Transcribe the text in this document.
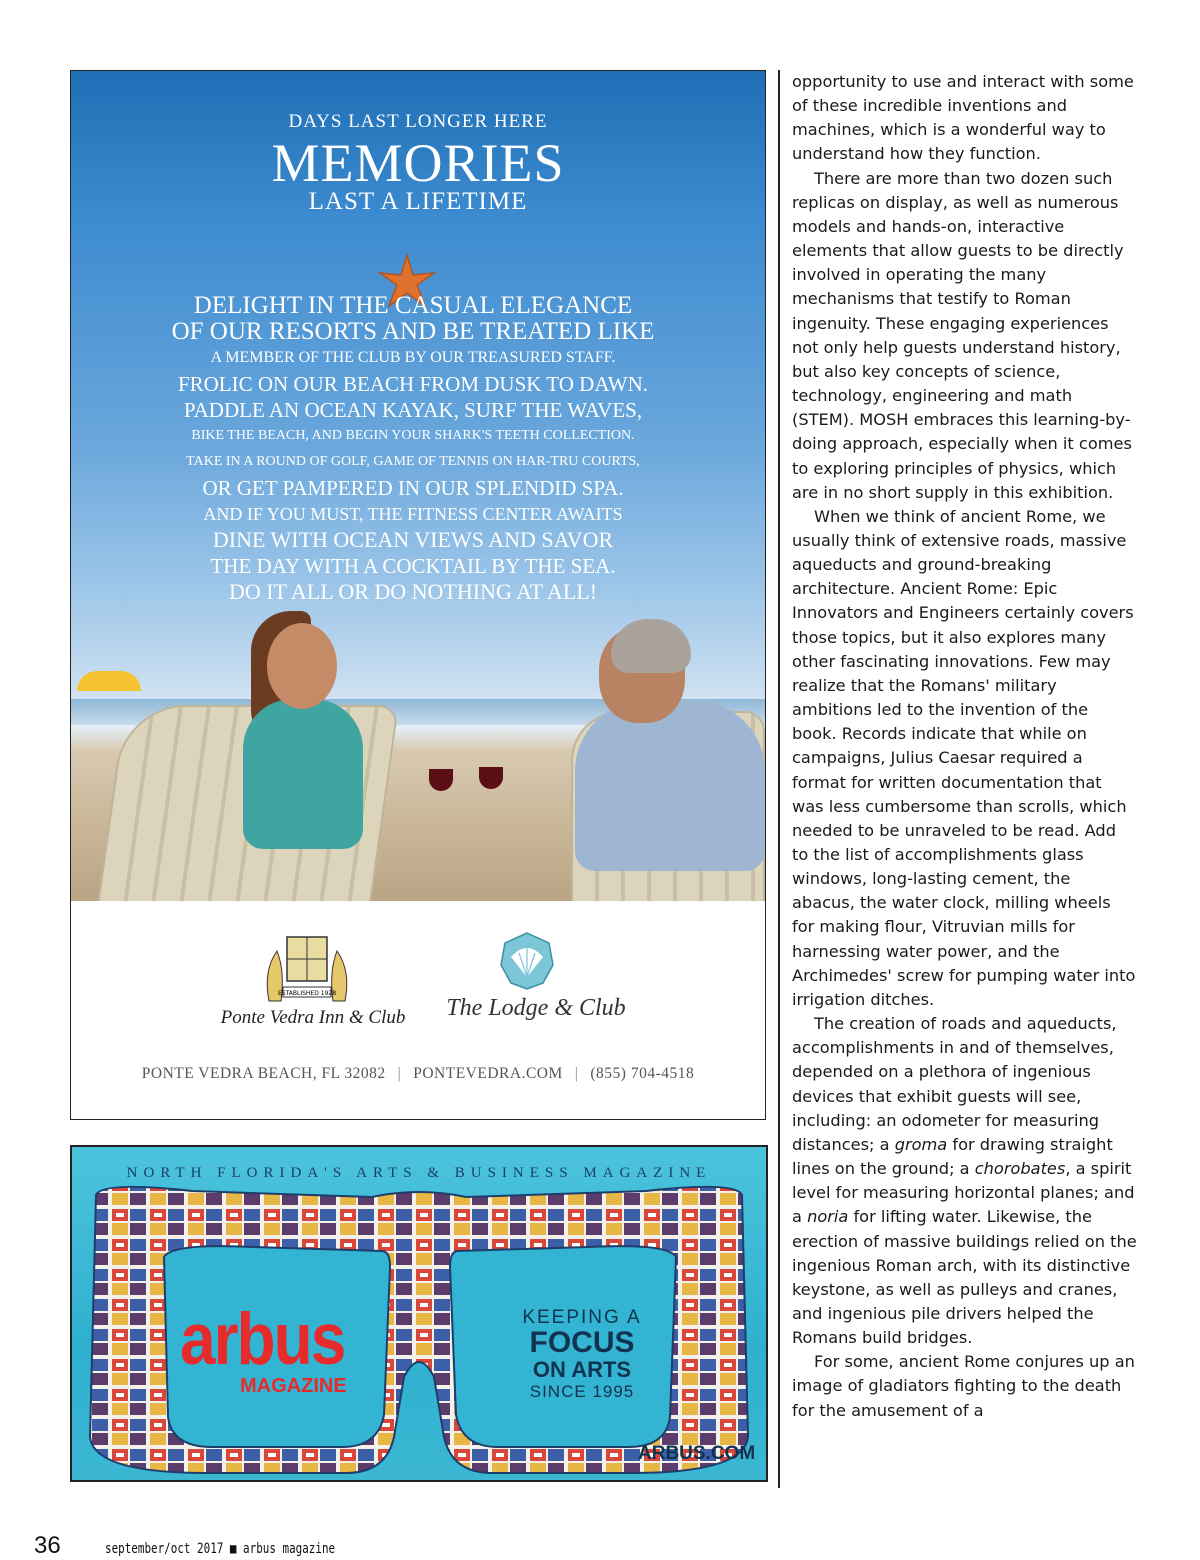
DAYS LAST LONGER HERE
MEMORIES
LAST A LIFETIME
DELIGHT IN THE CASUAL ELEGANCE
OF OUR RESORTS AND BE TREATED LIKE
A MEMBER OF THE CLUB BY OUR TREASURED STAFF.
FROLIC ON OUR BEACH FROM DUSK TO DAWN.
PADDLE AN OCEAN KAYAK, SURF THE WAVES,
BIKE THE BEACH, AND BEGIN YOUR SHARK'S TEETH COLLECTION.
TAKE IN A ROUND OF GOLF, GAME OF TENNIS ON HAR-TRU COURTS,
OR GET PAMPERED IN OUR SPLENDID SPA.
AND IF YOU MUST, THE FITNESS CENTER AWAITS
DINE WITH OCEAN VIEWS AND SAVOR
THE DAY WITH A COCKTAIL BY THE SEA.
DO IT ALL OR DO NOTHING AT ALL!
ESTABLISHED 1928
Ponte Vedra Inn & Club	The Lodge & Club
PONTE VEDRA BEACH, FL 32082 | PONTEVEDRA.COM | (855) 704-4518
NORTH FLORIDA'S ARTS & BUSINESS MAGAZINE
arbus
MAGAZINE
KEEPING A
FOCUS
ON ARTS
SINCE 1995
ARBUS.COM

opportunity to use and interact with some of these incredible inventions and machines, which is a wonderful way to understand how they function.

There are more than two dozen such replicas on display, as well as numerous models and hands-on, interactive elements that allow guests to be directly involved in operating the many mechanisms that testify to Roman ingenuity. These engaging experiences not only help guests understand history, but also key concepts of science, technology, engineering and math (STEM). MOSH embraces this learning-by-doing approach, especially when it comes to exploring principles of physics, which are in no short supply in this exhibition.

When we think of ancient Rome, we usually think of extensive roads, massive aqueducts and ground-breaking architecture. Ancient Rome: Epic Innovators and Engineers certainly covers those topics, but it also explores many other fascinating innovations. Few may realize that the Romans' military ambitions led to the invention of the book. Records indicate that while on campaigns, Julius Caesar required a format for written documentation that was less cumbersome than scrolls, which needed to be unraveled to be read. Add to the list of accomplishments glass windows, long-lasting cement, the abacus, the water clock, milling wheels for making flour, Vitruvian mills for harnessing water power, and the Archimedes' screw for pumping water into irrigation ditches.

The creation of roads and aqueducts, accomplishments in and of themselves, depended on a plethora of ingenious devices that exhibit guests will see, including: an odometer for measuring distances; a groma for drawing straight lines on the ground; a chorobates, a spirit level for measuring horizontal planes; and a noria for lifting water. Likewise, the erection of massive buildings relied on the ingenious Roman arch, with its distinctive keystone, as well as pulleys and cranes, and ingenious pile drivers helped the Romans build bridges.

For some, ancient Rome conjures up an image of gladiators fighting to the death for the amusement of a

36	september/oct 2017 ■ arbus magazine
